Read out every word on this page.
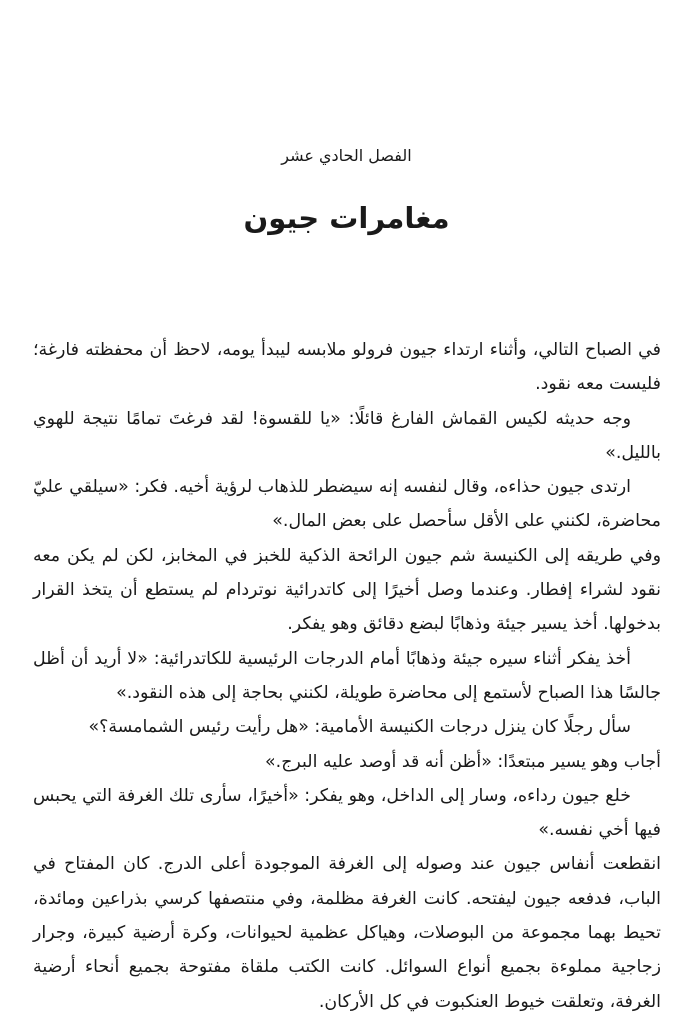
الفصل الحادي عشر
مغامرات جيون

في الصباح التالي، وأثناء ارتداء جيون فرولو ملابسه ليبدأ يومه، لاحظ أن محفظته فارغة؛ فليست معه نقود.

وجه حديثه لكيس القماش الفارغ قائلًا: «يا للقسوة! لقد فرغتَ تمامًا نتيجة للهوي بالليل.»

ارتدى جيون حذاءه، وقال لنفسه إنه سيضطر للذهاب لرؤية أخيه. فكر: «سيلقي عليّ محاضرة، لكنني على الأقل سأحصل على بعض المال.»

وفي طريقه إلى الكنيسة شم جيون الرائحة الذكية للخبز في المخابز، لكن لم يكن معه نقود لشراء إفطار. وعندما وصل أخيرًا إلى كاتدرائية نوتردام لم يستطع أن يتخذ القرار بدخولها. أخذ يسير جيئة وذهابًا لبضع دقائق وهو يفكر.

أخذ يفكر أثناء سيره جيئة وذهابًا أمام الدرجات الرئيسية للكاتدرائية: «لا أريد أن أظل جالسًا هذا الصباح لأستمع إلى محاضرة طويلة، لكنني بحاجة إلى هذه النقود.»

سأل رجلًا كان ينزل درجات الكنيسة الأمامية: «هل رأيت رئيس الشمامسة؟»

أجاب وهو يسير مبتعدًا: «أظن أنه قد أوصد عليه البرج.»

خلع جيون رداءه، وسار إلى الداخل، وهو يفكر: «أخيرًا، سأرى تلك الغرفة التي يحبس فيها أخي نفسه.»

انقطعت أنفاس جيون عند وصوله إلى الغرفة الموجودة أعلى الدرج. كان المفتاح في الباب، فدفعه جيون ليفتحه. كانت الغرفة مظلمة، وفي منتصفها كرسي بذراعين ومائدة، تحيط بهما مجموعة من البوصلات، وهياكل عظمية لحيوانات، وكرة أرضية كبيرة، وجرار زجاجية مملوءة بجميع أنواع السوائل. كانت الكتب ملقاة مفتوحة بجميع أنحاء أرضية الغرفة، وتعلقت خيوط العنكبوت في كل الأركان.
